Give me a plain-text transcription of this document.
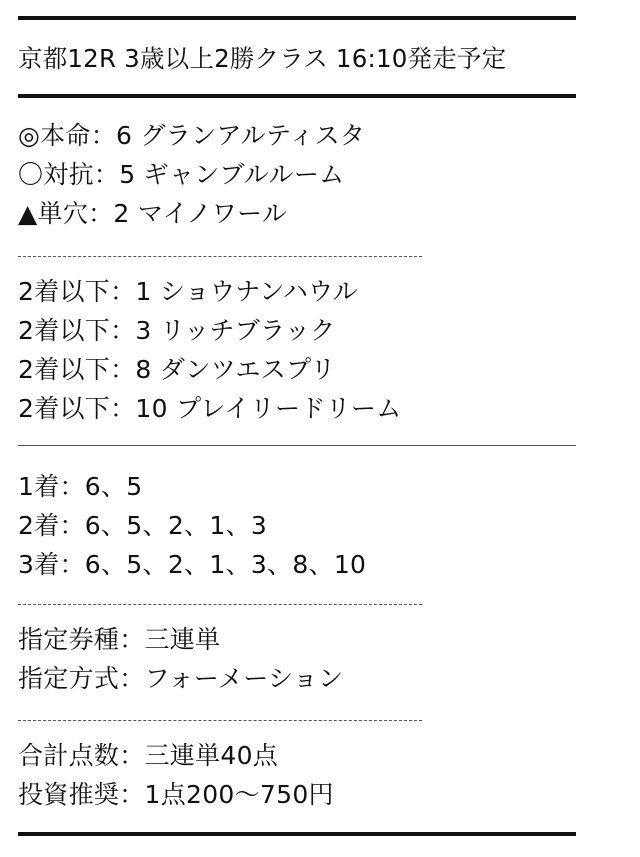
京都12R 3歳以上2勝クラス 16:10発走予定
◎本命：6 グランアルティスタ
〇対抗：5 ギャンブルルーム
▲単穴：2 マイノワール
2着以下：1 ショウナンハウル
2着以下：3 リッチブラック
2着以下：8 ダンツエスプリ
2着以下：10 プレイリードリーム
1着：6、5
2着：6、5、2、1、3
3着：6、5、2、1、3、8、10
指定券種：三連単
指定方式：フォーメーション
合計点数：三連単40点
投資推奨：1点200〜750円
